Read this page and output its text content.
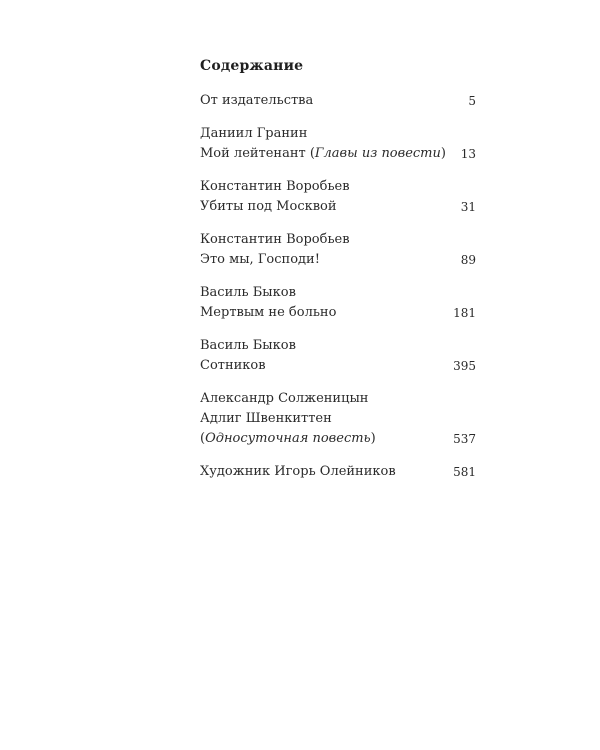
Содержание
От издательства	5
Даниил Гранин
Мой лейтенант (Главы из повести)	13
Константин Воробьев
Убиты под Москвой	31
Константин Воробьев
Это мы, Господи!	89
Василь Быков
Мертвым не больно	181
Василь Быков
Сотников	395
Александр Солженицын
Адлиг Швенкиттен
(Односуточная повесть)	537
Художник Игорь Олейников	581
